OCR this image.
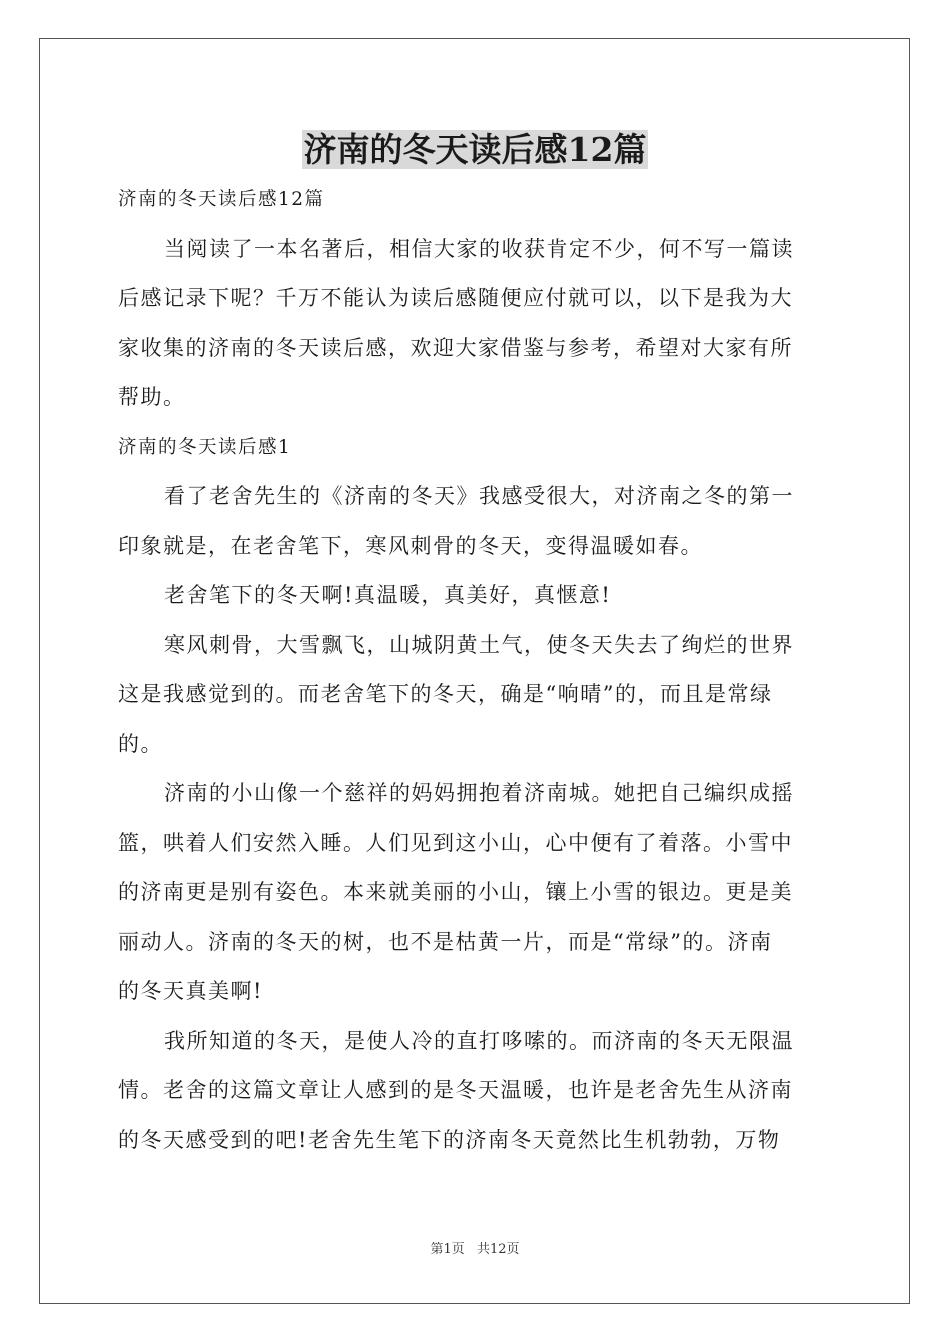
济南的冬天读后感12篇

济南的冬天读后感12篇

当阅读了一本名著后，相信大家的收获肯定不少，何不写一篇读

后感记录下呢？千万不能认为读后感随便应付就可以，以下是我为大

家收集的济南的冬天读后感，欢迎大家借鉴与参考，希望对大家有所

帮助。

济南的冬天读后感1

看了老舍先生的《济南的冬天》我感受很大，对济南之冬的第一

印象就是，在老舍笔下，寒风刺骨的冬天，变得温暖如春。

老舍笔下的冬天啊!真温暖，真美好，真惬意!

寒风刺骨，大雪飘飞，山城阴黄土气，使冬天失去了绚烂的世界

这是我感觉到的。而老舍笔下的冬天，确是“响晴”的，而且是常绿

的。

济南的小山像一个慈祥的妈妈拥抱着济南城。她把自己编织成摇

篮，哄着人们安然入睡。人们见到这小山，心中便有了着落。小雪中

的济南更是别有姿色。本来就美丽的小山，镶上小雪的银边。更是美

丽动人。济南的冬天的树，也不是枯黄一片，而是“常绿”的。济南

的冬天真美啊!

我所知道的冬天，是使人冷的直打哆嗦的。而济南的冬天无限温

情。老舍的这篇文章让人感到的是冬天温暖，也许是老舍先生从济南

的冬天感受到的吧!老舍先生笔下的济南冬天竟然比生机勃勃，万物

第1页 共12页
